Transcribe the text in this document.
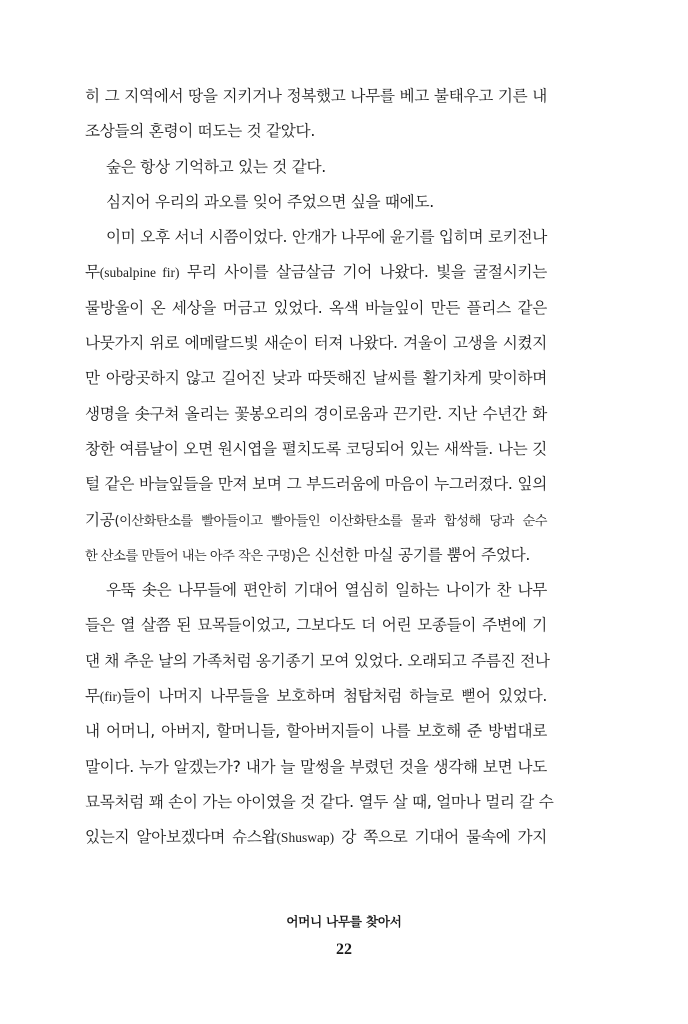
히 그 지역에서 땅을 지키거나 정복했고 나무를 베고 불태우고 기른 내
조상들의 혼령이 떠도는 것 같았다.
숲은 항상 기억하고 있는 것 같다.
심지어 우리의 과오를 잊어 주었으면 싶을 때에도.
이미 오후 서너 시쯤이었다. 안개가 나무에 윤기를 입히며 로키전나
무(subalpine fir) 무리 사이를 살금살금 기어 나왔다. 빛을 굴절시키는
물방울이 온 세상을 머금고 있었다. 옥색 바늘잎이 만든 플리스 같은
나뭇가지 위로 에메랄드빛 새순이 터져 나왔다. 겨울이 고생을 시켰지
만 아랑곳하지 않고 길어진 낮과 따뜻해진 날씨를 활기차게 맞이하며
생명을 솟구쳐 올리는 꽃봉오리의 경이로움과 끈기란. 지난 수년간 화
창한 여름날이 오면 원시엽을 펼치도록 코딩되어 있는 새싹들. 나는 깃
털 같은 바늘잎들을 만져 보며 그 부드러움에 마음이 누그러졌다. 잎의
기공(이산화탄소를 빨아들이고 빨아들인 이산화탄소를 물과 합성해 당과 순수
한 산소를 만들어 내는 아주 작은 구멍)은 신선한 마실 공기를 뿜어 주었다.
우뚝 솟은 나무들에 편안히 기대어 열심히 일하는 나이가 찬 나무
들은 열 살쯤 된 묘목들이었고, 그보다도 더 어린 모종들이 주변에 기
댄 채 추운 날의 가족처럼 옹기종기 모여 있었다. 오래되고 주름진 전나
무(fir)들이 나머지 나무들을 보호하며 첨탑처럼 하늘로 뻗어 있었다.
내 어머니, 아버지, 할머니들, 할아버지들이 나를 보호해 준 방법대로
말이다. 누가 알겠는가? 내가 늘 말썽을 부렸던 것을 생각해 보면 나도
묘목처럼 꽤 손이 가는 아이였을 것 같다. 열두 살 때, 얼마나 멀리 갈 수
있는지 알아보겠다며 슈스왑(Shuswap) 강 쪽으로 기대어 물속에 가지
어머니 나무를 찾아서
22
